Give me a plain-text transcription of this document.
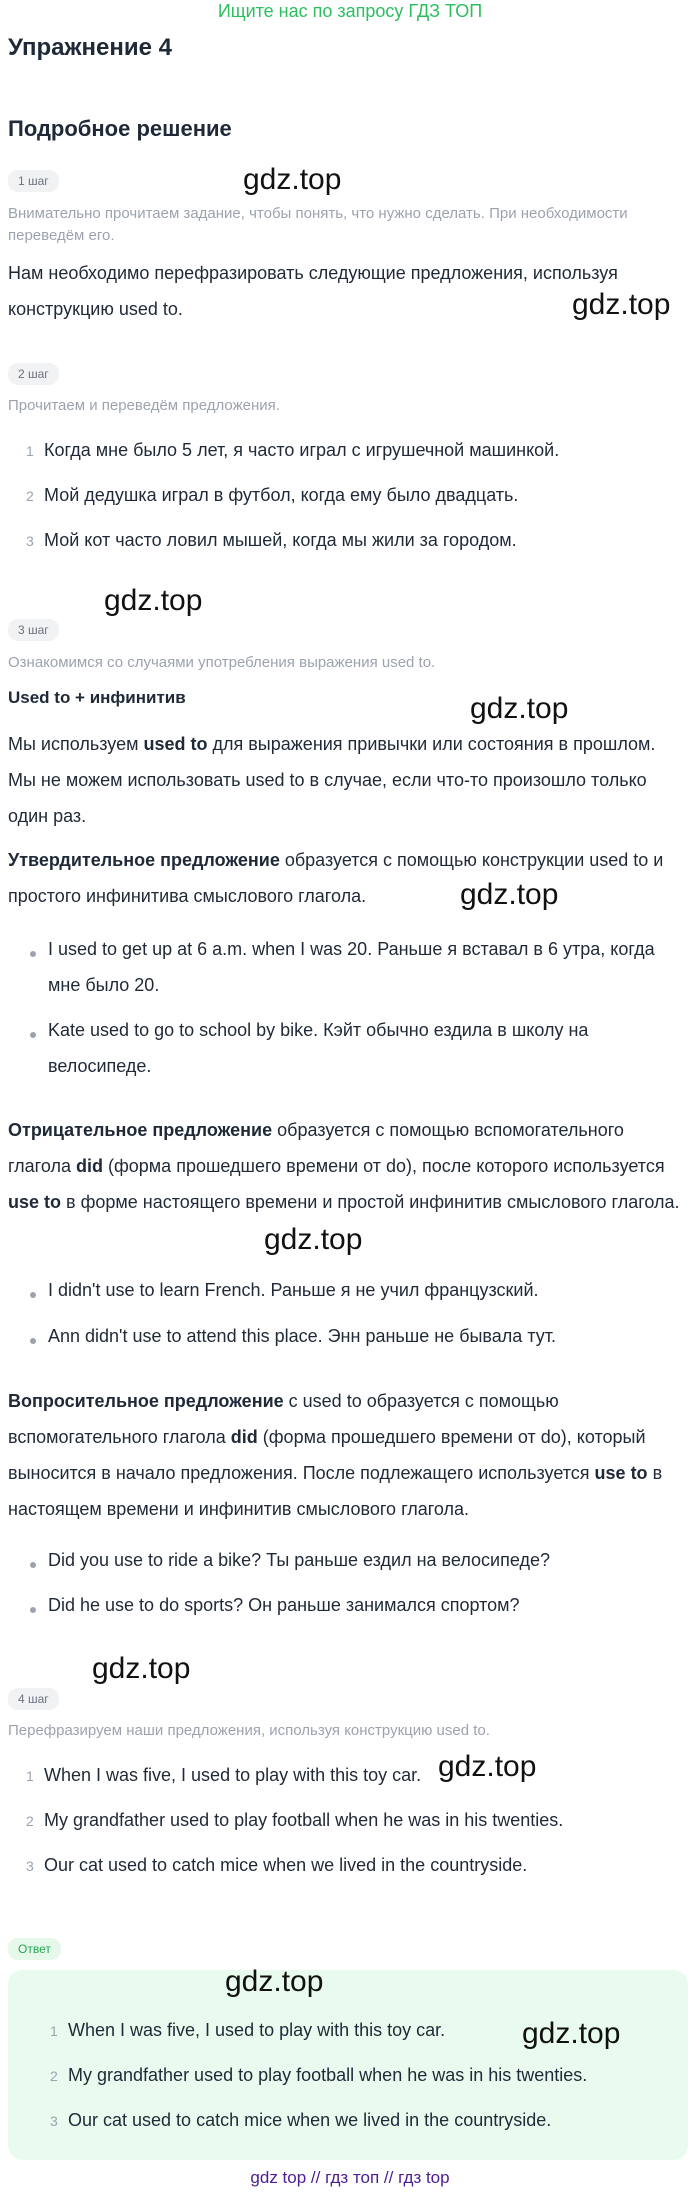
Ищите нас по запросу ГДЗ ТОП
Упражнение 4
Подробное решение
1 шаг	gdz.top
Внимательно прочитаем задание, чтобы понять, что нужно сделать. При необходимости переведём его.
Нам необходимо перефразировать следующие предложения, используя конструкцию used to.	gdz.top
2 шаг
Прочитаем и переведём предложения.
1 Когда мне было 5 лет, я часто играл с игрушечной машинкой.
2 Мой дедушка играл в футбол, когда ему было двадцать.
3 Мой кот часто ловил мышей, когда мы жили за городом.
gdz.top
3 шаг
Ознакомимся со случаями употребления выражения used to.
Used to + инфинитив	gdz.top
Мы используем used to для выражения привычки или состояния в прошлом. Мы не можем использовать used to в случае, если что-то произошло только один раз.
Утвердительное предложение образуется с помощью конструкции used to и простого инфинитива смыслового глагола.	gdz.top
I used to get up at 6 a.m. when I was 20. Раньше я вставал в 6 утра, когда мне было 20.
Kate used to go to school by bike. Кэйт обычно ездила в школу на велосипеде.
Отрицательное предложение образуется с помощью вспомогательного глагола did (форма прошедшего времени от do), после которого используется use to в форме настоящего времени и простой инфинитив смыслового глагола.
gdz.top
I didn't use to learn French. Раньше я не учил французский.
Ann didn't use to attend this place. Энн раньше не бывала тут.
Вопросительное предложение с used to образуется с помощью вспомогательного глагола did (форма прошедшего времени от do), который выносится в начало предложения. После подлежащего используется use to в настоящем времени и инфинитив смыслового глагола.
Did you use to ride a bike? Ты раньше ездил на велосипеде?
Did he use to do sports? Он раньше занимался спортом?
gdz.top
4 шаг
Перефразируем наши предложения, используя конструкцию used to.
1 When I was five, I used to play with this toy car. gdz.top
2 My grandfather used to play football when he was in his twenties.
3 Our cat used to catch mice when we lived in the countryside.
Ответ
gdz.top
1 When I was five, I used to play with this toy car.	gdz.top
2 My grandfather used to play football when he was in his twenties.
3 Our cat used to catch mice when we lived in the countryside.
gdz top // гдз топ // гдз top
